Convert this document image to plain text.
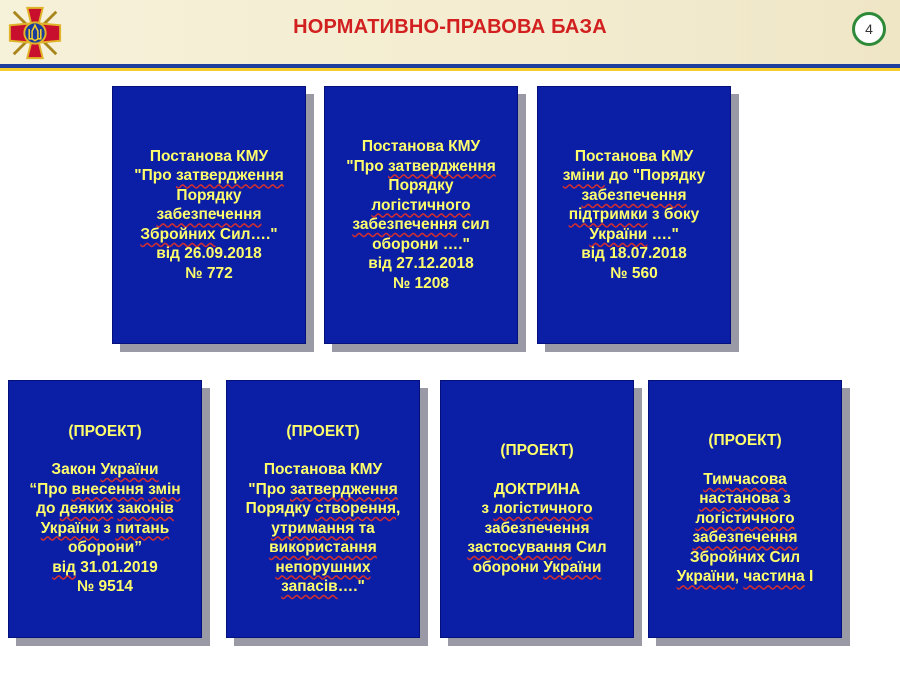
НОРМАТИВНО-ПРАВОВА БАЗА	4
Постанова КМУ
"Про затвердження
Порядку
забезпечення
Збройних Сил…."
від 26.09.2018
№ 772
Постанова КМУ
"Про затвердження
Порядку
логістичного
забезпечення сил
оборони …."
від 27.12.2018
№ 1208
Постанова КМУ
зміни до "Порядку
забезпечення
підтримки з боку
України …."
від 18.07.2018
№ 560
(ПРОЕКТ)
Закон України
“Про внесення змін
до деяких законів
України з питань
оборони”
від 31.01.2019
№ 9514
(ПРОЕКТ)
Постанова КМУ
"Про затвердження
Порядку створення,
утримання та
використання
непорушних
запасів…."
(ПРОЕКТ)
ДОКТРИНА
з логістичного
забезпечення
застосування Сил
оборони України
(ПРОЕКТ)
Тимчасова
настанова з
логістичного
забезпечення
Збройних Сил
України, частина І
